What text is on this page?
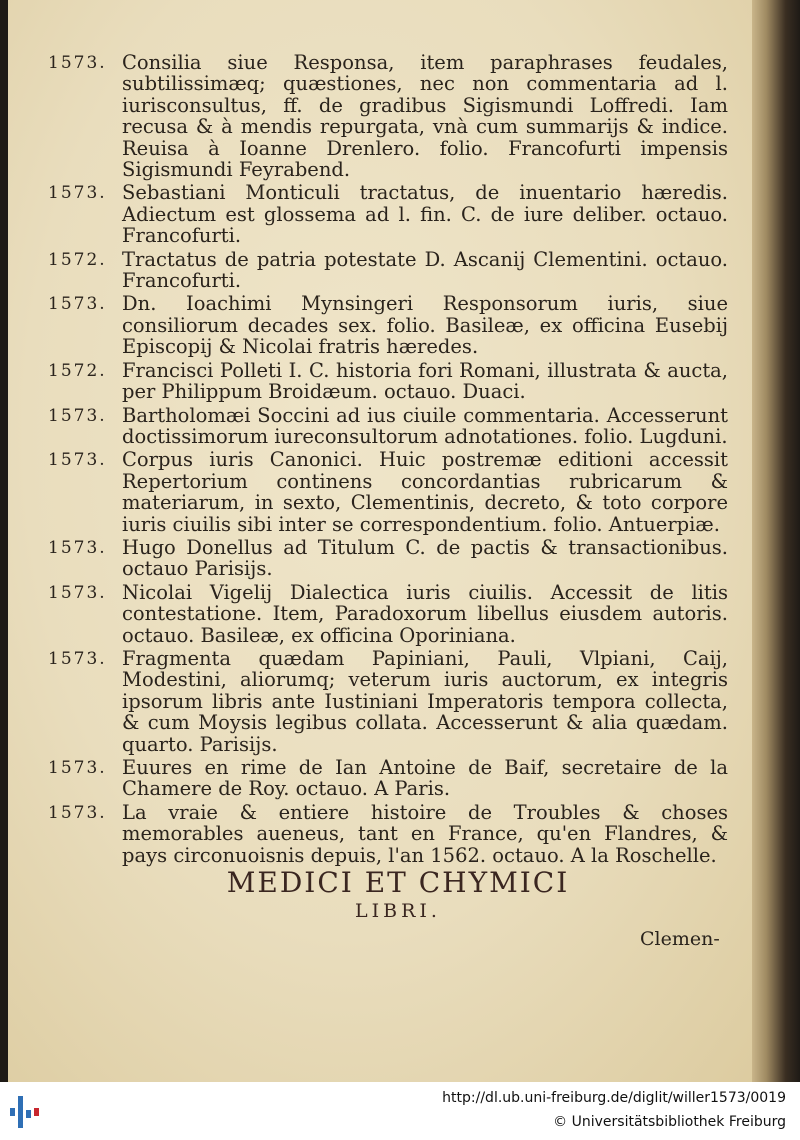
1573. Consilia siue Responsa, item paraphrases feudales, subtilissimæq; quæstiones, nec non commentaria ad l. iurisconsultus, ff. de gradibus Sigismundi Loffredi. Iam recusa & à mendis repurgata, vnà cum summarijs & indice. Reuisa à Ioanne Drenlero. folio. Francofurti impensis Sigismundi Feyrabend.
1573. Sebastiani Monticuli tractatus, de inuentario hæredis. Adiectum est glossema ad l. fin. C. de iure deliber. octauo. Francofurti.
1572. Tractatus de patria potestate D. Ascanij Clementini. octauo. Francofurti.
1573. Dn. Ioachimi Mynsingeri Responsorum iuris, siue consiliorum decades sex. folio. Basileæ, ex officina Eusebij Episcopij & Nicolai fratris hæredes.
1572. Francisci Polleti I. C. historia fori Romani, illustrata & aucta, per Philippum Broidæum. octauo. Duaci.
1573. Bartholomæi Soccini ad ius ciuile commentaria. Accesserunt doctissimorum iureconsultorum adnotationes. folio. Lugduni.
1573. Corpus iuris Canonici. Huic postremæ editioni accessit Repertorium continens concordantias rubricarum & materiarum, in sexto, Clementinis, decreto, & toto corpore iuris ciuilis sibi inter se correspondentium. folio. Antuerpiæ.
1573. Hugo Donellus ad Titulum C. de pactis & transactionibus. octauo Parisijs.
1573. Nicolai Vigelij Dialectica iuris ciuilis. Accessit de litis contestatione. Item, Paradoxorum libellus eiusdem autoris. octauo. Basileæ, ex officina Oporiniana.
1573. Fragmenta quædam Papiniani, Pauli, Vlpiani, Caij, Modestini, aliorumq; veterum iuris auctorum, ex integris ipsorum libris ante Iustiniani Imperatoris tempora collecta, & cum Moysis legibus collata. Accesserunt & alia quædam. quarto. Parisijs.
1573. Euures en rime de Ian Antoine de Baif, secretaire de la Chamere de Roy. octauo. A Paris.
1573. La vraie & entiere histoire de Troubles & choses memorables aueneus, tant en France, qu'en Flandres, & pays circonuoisnis depuis, l'an 1562. octauo. A la Roschelle.
MEDICI ET CHYMICI
LIBRI.
Clemen-
http://dl.ub.uni-freiburg.de/diglit/willer1573/0019
© Universitätsbibliothek Freiburg
